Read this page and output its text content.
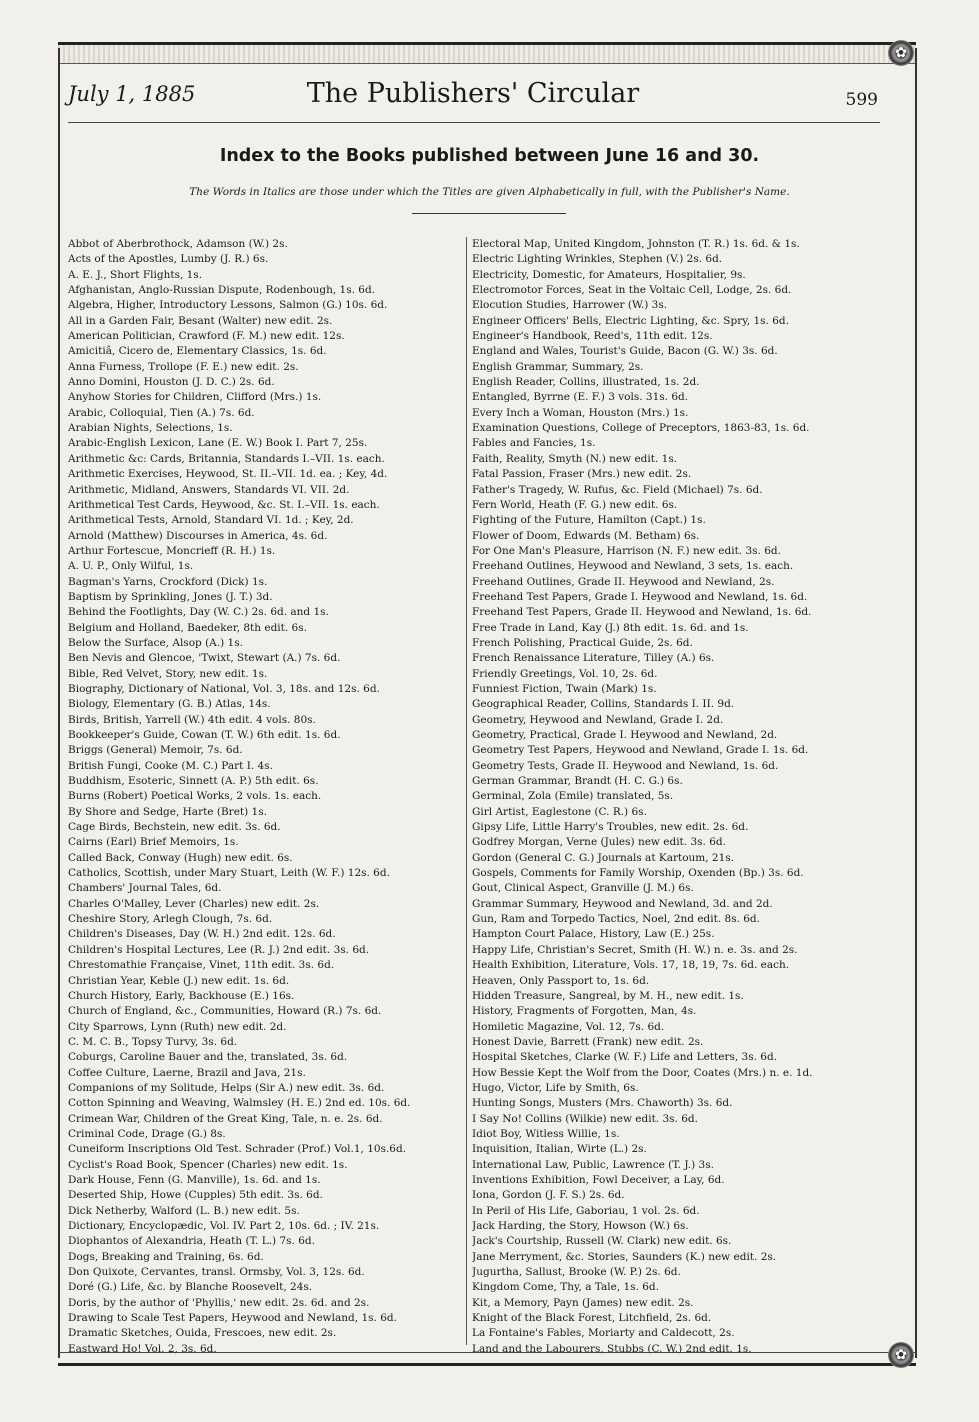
✿
July 1, 1885	The Publishers' Circular	599
Index to the Books published between June 16 and 30.
The Words in Italics are those under which the Titles are given Alphabetically in full, with the Publisher's Name.
Abbot of Aberbrothock, Adamson (W.) 2s.
Acts of the Apostles, Lumby (J. R.) 6s.
A. E. J., Short Flights, 1s.
Afghanistan, Anglo-Russian Dispute, Rodenbough, 1s. 6d.
Algebra, Higher, Introductory Lessons, Salmon (G.) 10s. 6d.
All in a Garden Fair, Besant (Walter) new edit. 2s.
American Politician, Crawford (F. M.) new edit. 12s.
Amicitiâ, Cicero de, Elementary Classics, 1s. 6d.
Anna Furness, Trollope (F. E.) new edit. 2s.
Anno Domini, Houston (J. D. C.) 2s. 6d.
Anyhow Stories for Children, Clifford (Mrs.) 1s.
Arabic, Colloquial, Tien (A.) 7s. 6d.
Arabian Nights, Selections, 1s.
Arabic-English Lexicon, Lane (E. W.) Book I. Part 7, 25s.
Arithmetic &c: Cards, Britannia, Standards I.–VII. 1s. each.
Arithmetic Exercises, Heywood, St. II.–VII. 1d. ea. ; Key, 4d.
Arithmetic, Midland, Answers, Standards VI. VII. 2d.
Arithmetical Test Cards, Heywood, &c. St. I.–VII. 1s. each.
Arithmetical Tests, Arnold, Standard VI. 1d. ; Key, 2d.
Arnold (Matthew) Discourses in America, 4s. 6d.
Arthur Fortescue, Moncrieff (R. H.) 1s.
A. U. P., Only Wilful, 1s.
Bagman's Yarns, Crockford (Dick) 1s.
Baptism by Sprinkling, Jones (J. T.) 3d.
Behind the Footlights, Day (W. C.) 2s. 6d. and 1s.
Belgium and Holland, Baedeker, 8th edit. 6s.
Below the Surface, Alsop (A.) 1s.
Ben Nevis and Glencoe, 'Twixt, Stewart (A.) 7s. 6d.
Bible, Red Velvet, Story, new edit. 1s.
Biography, Dictionary of National, Vol. 3, 18s. and 12s. 6d.
Biology, Elementary (G. B.) Atlas, 14s.
Birds, British, Yarrell (W.) 4th edit. 4 vols. 80s.
Bookkeeper's Guide, Cowan (T. W.) 6th edit. 1s. 6d.
Briggs (General) Memoir, 7s. 6d.
British Fungi, Cooke (M. C.) Part I. 4s.
Buddhism, Esoteric, Sinnett (A. P.) 5th edit. 6s.
Burns (Robert) Poetical Works, 2 vols. 1s. each.
By Shore and Sedge, Harte (Bret) 1s.
Cage Birds, Bechstein, new edit. 3s. 6d.
Cairns (Earl) Brief Memoirs, 1s.
Called Back, Conway (Hugh) new edit. 6s.
Catholics, Scottish, under Mary Stuart, Leith (W. F.) 12s. 6d.
Chambers' Journal Tales, 6d.
Charles O'Malley, Lever (Charles) new edit. 2s.
Cheshire Story, Arlegh Clough, 7s. 6d.
Children's Diseases, Day (W. H.) 2nd edit. 12s. 6d.
Children's Hospital Lectures, Lee (R. J.) 2nd edit. 3s. 6d.
Chrestomathie Française, Vinet, 11th edit. 3s. 6d.
Christian Year, Keble (J.) new edit. 1s. 6d.
Church History, Early, Backhouse (E.) 16s.
Church of England, &c., Communities, Howard (R.) 7s. 6d.
City Sparrows, Lynn (Ruth) new edit. 2d.
C. M. C. B., Topsy Turvy, 3s. 6d.
Coburgs, Caroline Bauer and the, translated, 3s. 6d.
Coffee Culture, Laerne, Brazil and Java, 21s.
Companions of my Solitude, Helps (Sir A.) new edit. 3s. 6d.
Cotton Spinning and Weaving, Walmsley (H. E.) 2nd ed. 10s. 6d.
Crimean War, Children of the Great King, Tale, n. e. 2s. 6d.
Criminal Code, Drage (G.) 8s.
Cuneiform Inscriptions Old Test. Schrader (Prof.) Vol.1, 10s.6d.
Cyclist's Road Book, Spencer (Charles) new edit. 1s.
Dark House, Fenn (G. Manville), 1s. 6d. and 1s.
Deserted Ship, Howe (Cupples) 5th edit. 3s. 6d.
Dick Netherby, Walford (L. B.) new edit. 5s.
Dictionary, Encyclopædic, Vol. IV. Part 2, 10s. 6d. ; IV. 21s.
Diophantos of Alexandria, Heath (T. L.) 7s. 6d.
Dogs, Breaking and Training, 6s. 6d.
Don Quixote, Cervantes, transl. Ormsby, Vol. 3, 12s. 6d.
Doré (G.) Life, &c. by Blanche Roosevelt, 24s.
Doris, by the author of 'Phyllis,' new edit. 2s. 6d. and 2s.
Drawing to Scale Test Papers, Heywood and Newland, 1s. 6d.
Dramatic Sketches, Ouida, Frescoes, new edit. 2s.
Eastward Ho! Vol. 2, 3s. 6d.
Electoral Map, United Kingdom, Johnston (T. R.) 1s. 6d. & 1s.
Electric Lighting Wrinkles, Stephen (V.) 2s. 6d.
Electricity, Domestic, for Amateurs, Hospitalier, 9s.
Electromotor Forces, Seat in the Voltaic Cell, Lodge, 2s. 6d.
Elocution Studies, Harrower (W.) 3s.
Engineer Officers' Bells, Electric Lighting, &c. Spry, 1s. 6d.
Engineer's Handbook, Reed's, 11th edit. 12s.
England and Wales, Tourist's Guide, Bacon (G. W.) 3s. 6d.
English Grammar, Summary, 2s.
English Reader, Collins, illustrated, 1s. 2d.
Entangled, Byrrne (E. F.) 3 vols. 31s. 6d.
Every Inch a Woman, Houston (Mrs.) 1s.
Examination Questions, College of Preceptors, 1863-83, 1s. 6d.
Fables and Fancies, 1s.
Faith, Reality, Smyth (N.) new edit. 1s.
Fatal Passion, Fraser (Mrs.) new edit. 2s.
Father's Tragedy, W. Rufus, &c. Field (Michael) 7s. 6d.
Fern World, Heath (F. G.) new edit. 6s.
Fighting of the Future, Hamilton (Capt.) 1s.
Flower of Doom, Edwards (M. Betham) 6s.
For One Man's Pleasure, Harrison (N. F.) new edit. 3s. 6d.
Freehand Outlines, Heywood and Newland, 3 sets, 1s. each.
Freehand Outlines, Grade II. Heywood and Newland, 2s.
Freehand Test Papers, Grade I. Heywood and Newland, 1s. 6d.
Freehand Test Papers, Grade II. Heywood and Newland, 1s. 6d.
Free Trade in Land, Kay (J.) 8th edit. 1s. 6d. and 1s.
French Polishing, Practical Guide, 2s. 6d.
French Renaissance Literature, Tilley (A.) 6s.
Friendly Greetings, Vol. 10, 2s. 6d.
Funniest Fiction, Twain (Mark) 1s.
Geographical Reader, Collins, Standards I. II. 9d.
Geometry, Heywood and Newland, Grade I. 2d.
Geometry, Practical, Grade I. Heywood and Newland, 2d.
Geometry Test Papers, Heywood and Newland, Grade I. 1s. 6d.
Geometry Tests, Grade II. Heywood and Newland, 1s. 6d.
German Grammar, Brandt (H. C. G.) 6s.
Germinal, Zola (Emile) translated, 5s.
Girl Artist, Eaglestone (C. R.) 6s.
Gipsy Life, Little Harry's Troubles, new edit. 2s. 6d.
Godfrey Morgan, Verne (Jules) new edit. 3s. 6d.
Gordon (General C. G.) Journals at Kartoum, 21s.
Gospels, Comments for Family Worship, Oxenden (Bp.) 3s. 6d.
Gout, Clinical Aspect, Granville (J. M.) 6s.
Grammar Summary, Heywood and Newland, 3d. and 2d.
Gun, Ram and Torpedo Tactics, Noel, 2nd edit. 8s. 6d.
Hampton Court Palace, History, Law (E.) 25s.
Happy Life, Christian's Secret, Smith (H. W.) n. e. 3s. and 2s.
Health Exhibition, Literature, Vols. 17, 18, 19, 7s. 6d. each.
Heaven, Only Passport to, 1s. 6d.
Hidden Treasure, Sangreal, by M. H., new edit. 1s.
History, Fragments of Forgotten, Man, 4s.
Homiletic Magazine, Vol. 12, 7s. 6d.
Honest Davie, Barrett (Frank) new edit. 2s.
Hospital Sketches, Clarke (W. F.) Life and Letters, 3s. 6d.
How Bessie Kept the Wolf from the Door, Coates (Mrs.) n. e. 1d.
Hugo, Victor, Life by Smith, 6s.
Hunting Songs, Musters (Mrs. Chaworth) 3s. 6d.
I Say No! Collins (Wilkie) new edit. 3s. 6d.
Idiot Boy, Witless Willie, 1s.
Inquisition, Italian, Wirte (L.) 2s.
International Law, Public, Lawrence (T. J.) 3s.
Inventions Exhibition, Fowl Deceiver, a Lay, 6d.
Iona, Gordon (J. F. S.) 2s. 6d.
In Peril of His Life, Gaboriau, 1 vol. 2s. 6d.
Jack Harding, the Story, Howson (W.) 6s.
Jack's Courtship, Russell (W. Clark) new edit. 6s.
Jane Merryment, &c. Stories, Saunders (K.) new edit. 2s.
Jugurtha, Sallust, Brooke (W. P.) 2s. 6d.
Kingdom Come, Thy, a Tale, 1s. 6d.
Kit, a Memory, Payn (James) new edit. 2s.
Knight of the Black Forest, Litchfield, 2s. 6d.
La Fontaine's Fables, Moriarty and Caldecott, 2s.
Land and the Labourers, Stubbs (C. W.) 2nd edit. 1s.	✿
